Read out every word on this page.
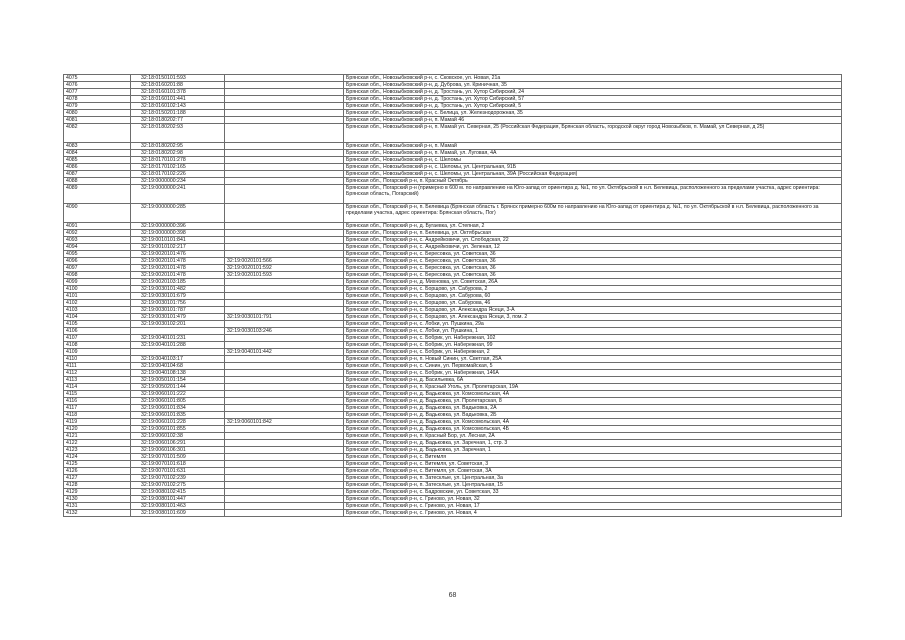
4075	32:18:0150101:593		Брянская обл., Новозыбковский р-н, с. Сковское, ул. Новая, 21а
4076	32:18:0160201:88		Брянская обл., Новозыбковский р-н, д. Дуброва, ул. Криничная, 35
4077	32:18:0160101:378		Брянская обл., Новозыбковский р-н, д. Тростань, ул. Хутор Сибирский, 24
4078	32:18:0160101:441		Брянская обл., Новозыбковский р-н, д. Тростань, ул. Хутор Сибирский, 57
4079	32:18:0160102:143		Брянская обл., Новозыбковский р-н, д. Тростань, ул. Хутор Сибирский, 5
4080	32:18:0150201:188		Брянская обл., Новозыбковский р-н, с. Белица, ул. Железнодорожная, 35
4081	32:18:0180202:77		Брянская обл., Новозыбковский р-н, п. Мамай 46
4082	32:18:0180202:93		Брянская обл., Новозыбковский р-н, п. Мамай ул. Северная, 25 (Российская Федерация, Брянская область, городской округ город Новозыбков, п. Мамай, ул Северная, д 25)
4083	32:18:0180202:95		Брянская обл., Новозыбковский р-н, п. Мамай
4084	32:18:0180202:98		Брянская обл., Новозыбковский р-н, п. Мамай, ул. Луговая, 4А
4085	32:18:0170101:278		Брянская обл., Новозыбковский р-н, с. Шеломы
4086	32:18:0170102:165		Брянская обл., Новозыбковский р-н, с. Шеломы, ул. Центральная, 91Б
4087	32:18:0170102:226		Брянская обл., Новозыбковский р-н, с. Шеломы, ул. Центральная, 39А (Российская Федерация)
4088	32:19:0000000:234		Брянская обл., Погарский р-н, п. Красный Октябрь
4089	32:19:0000000:241		Брянская обл., Погарский р-н (примерно в 600 м. по направлению на Юго-запад от ориентира д. №1, по ул. Октябрьской в н.п. Белевица, расположенного за пределами участка, адрес ориентира: Брянская область, Погарский)
4090	32:19:0000000:285		Брянская обл., Погарский р-н, п. Белевица (Брянская область г. Брянск примерно 600м по направлению на Юго-запад от ориентира д. №1, по ул. Октябрьской в н.п. Белевица, расположенного за пределами участка, адрес ориентира: Брянская область, Пог)
4091	32:19:0000000:396		Брянская обл., Погарский р-н, д. Бугаевка, ул. Степная, 2
4092	32:19:0000000:398		Брянская обл., Погарский р-н, п. Белевица, ул. Октябрьская
4093	32:19:0010101:841		Брянская обл., Погарский р-н, с. Андрейковичи, ул. Слободская, 22
4094	32:19:0010102:217		Брянская обл., Погарский р-н, с. Андрейковичи, ул. Зеленая, 12
4095	32:19:0020101:476		Брянская обл., Погарский р-н, с. Бересовка, ул. Советская, 36
4096	32:19:0020101:478	32:19:0020101:566	Брянская обл., Погарский р-н, с. Бересовка, ул. Советская, 36
4097	32:19:0020101:478	32:19:0020101:592	Брянская обл., Погарский р-н, с. Бересовка, ул. Советская, 36
4098	32:19:0020101:478	32:19:0020101:593	Брянская обл., Погарский р-н, с. Бересовка, ул. Советская, 36
4099	32:19:0020103:185		Брянская обл., Погарский р-н, д. Михновка, ул. Советская, 26А
4100	32:19:0030101:482		Брянская обл., Погарский р-н, с. Борщово, ул. Сабурова, 2
4101	32:19:0030101:679		Брянская обл., Погарский р-н, с. Борщово, ул. Сабурова, 60
4102	32:19:0030101:756		Брянская обл., Погарский р-н, с. Борщово, ул. Сабурова, 46
4103	32:19:0030101:787		Брянская обл., Погарский р-н, с. Борщово, ул. Александра Ясеци, 3-А
4104	32:19:0030101:479	32:19:0030101:791	Брянская обл., Погарский р-н, с. Борщово, ул. Александра Ясеци, 3, пом. 2
4105	32:19:0030102:201		Брянская обл., Погарский р-н, с. Лобки, ул. Пушкина, 29а
4106		32:19:0030103:246	Брянская обл., Погарский р-н, с. Лобки, ул. Пушкина, 1
4107	32:19:0040101:231		Брянская обл., Погарский р-н, с. Бобрик, ул. Набережная, 102
4108	32:19:0040101:288		Брянская обл., Погарский р-н, с. Бобрик, ул. Набережная, 99
4109		32:19:0040101:442	Брянская обл., Погарский р-н, с. Бобрик, ул. Набережная, 2
4110	32:19:0040103:17		Брянская обл., Погарский р-н, п. Новый Синин, ул. Светлая, 25А
4111	32:19:0040104:68		Брянская обл., Погарский р-н, с. Синин, ул. Первомайская, 5
4112	32:19:0040108:138		Брянская обл., Погарский р-н, с. Бобрик, ул. Набережная, 146А
4113	32:19:0050101:154		Брянская обл., Погарский р-н, д. Васильевка, 6А
4114	32:19:0050201:144		Брянская обл., Погарский р-н, п. Красный Уголь, ул. Пролетарская, 19А
4115	32:19:0060101:222		Брянская обл., Погарский р-н, д. Вадьковка, ул. Комсомольская, 4А
4116	32:19:0060101:805		Брянская обл., Погарский р-н, д. Вадьковка, ул. Пролетарская, 8
4117	32:19:0060101:834		Брянская обл., Погарский р-н, д. Вадьковка, ул. Вадьковка, 2А
4118	32:19:0060101:835		Брянская обл., Погарский р-н, д. Вадьковка, ул. Вадьковка, 2Б
4119	32:19:0060101:228	32:19:0060101:842	Брянская обл., Погарский р-н, д. Вадьковка, ул. Комсомольская, 4А
4120	32:19:0060101:855		Брянская обл., Погарский р-н, д. Вадьковка, ул. Комсомольская, 4Б
4121	32:19:0060102:38		Брянская обл., Погарский р-н, п. Красный Бор, ул. Лесная, 2А
4122	32:19:0060106:291		Брянская обл., Погарский р-н, д. Вадьковка, ул. Заречная, 1, стр. 3
4123	32:19:0060106:301		Брянская обл., Погарский р-н, д. Вадьковка, ул. Заречная, 1
4124	32:19:0070101:509		Брянская обл., Погарский р-н, с. Витемля
4125	32:19:0070101:618		Брянская обл., Погарский р-н, с. Витемля, ул. Советская, 3
4126	32:19:0070101:631		Брянская обл., Погарский р-н, с. Витемля, ул. Советская, 3А
4127	32:19:0070102:239		Брянская обл., Погарский р-н, п. Затесклые, ул. Центральная, 3а
4128	32:19:0070102:275		Брянская обл., Погарский р-н, п. Затесклые, ул. Центральная, 15
4129	32:19:0080102:415		Брянская обл., Погарский р-н, с. Бадровские, ул. Советская, 33
4130	32:19:0080101:447		Брянская обл., Погарский р-н, с. Гриново, ул. Новая, 32
4131	32:19:0080101:463		Брянская обл., Погарский р-н, с. Гриново, ул. Новая, 17
4132	32:19:0080101:609		Брянская обл., Погарский р-н, с. Гриново, ул. Новая, 4
68
